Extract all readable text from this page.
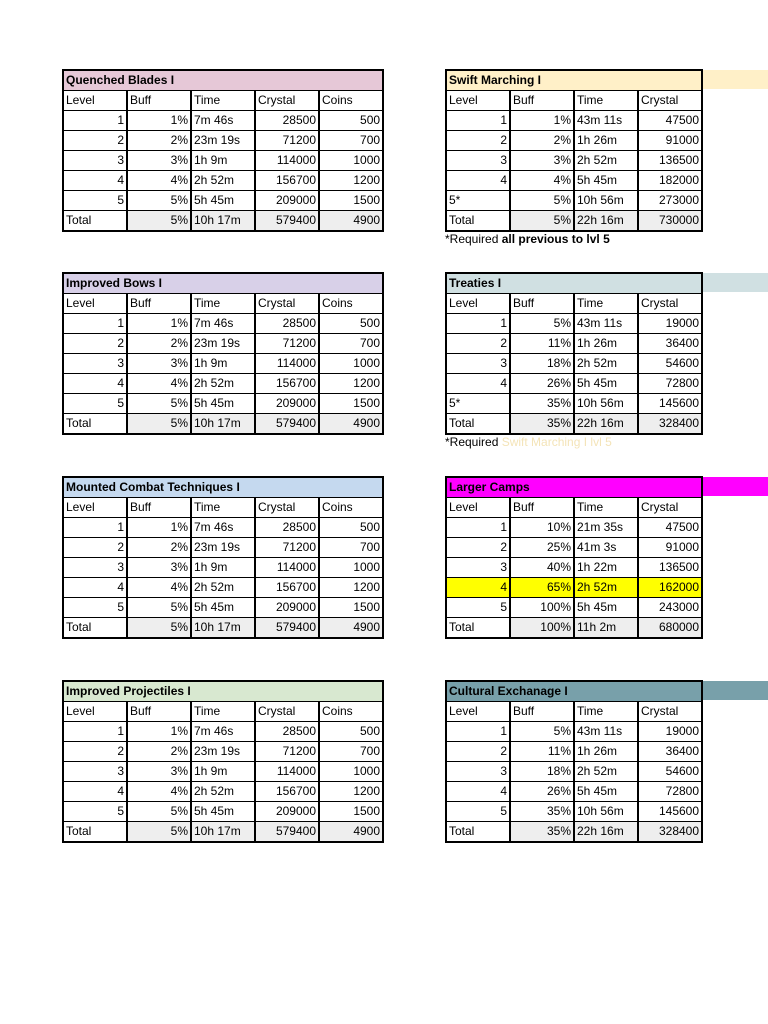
Quenched Blades I				
Level	Buff	Time	Crystal	Coins
1	1%	7m 46s	28500	500
2	2%	23m 19s	71200	700
3	3%	1h 9m	114000	1000
4	4%	2h 52m	156700	1200
5	5%	5h 45m	209000	1500
Total	5%	10h 17m	579400	4900
Improved Bows I				
Level	Buff	Time	Crystal	Coins
1	1%	7m 46s	28500	500
2	2%	23m 19s	71200	700
3	3%	1h 9m	114000	1000
4	4%	2h 52m	156700	1200
5	5%	5h 45m	209000	1500
Total	5%	10h 17m	579400	4900
Mounted Combat Techniques I				
Level	Buff	Time	Crystal	Coins
1	1%	7m 46s	28500	500
2	2%	23m 19s	71200	700
3	3%	1h 9m	114000	1000
4	4%	2h 52m	156700	1200
5	5%	5h 45m	209000	1500
Total	5%	10h 17m	579400	4900
Improved Projectiles I				
Level	Buff	Time	Crystal	Coins
1	1%	7m 46s	28500	500
2	2%	23m 19s	71200	700
3	3%	1h 9m	114000	1000
4	4%	2h 52m	156700	1200
5	5%	5h 45m	209000	1500
Total	5%	10h 17m	579400	4900
Swift Marching I			
Level	Buff	Time	Crystal
1	1%	43m 11s	47500
2	2%	1h 26m	91000
3	3%	2h 52m	136500
4	4%	5h 45m	182000
5*	5%	10h 56m	273000
Total	5%	22h 16m	730000
*Required all previous to lvl 5
Treaties I			
Level	Buff	Time	Crystal
1	5%	43m 11s	19000
2	11%	1h 26m	36400
3	18%	2h 52m	54600
4	26%	5h 45m	72800
5*	35%	10h 56m	145600
Total	35%	22h 16m	328400
*Required Swift Marching I lvl 5
Larger Camps			
Level	Buff	Time	Crystal
1	10%	21m 35s	47500
2	25%	41m 3s	91000
3	40%	1h 22m	136500
4	65%	2h 52m	162000
5	100%	5h 45m	243000
Total	100%	11h 2m	680000
Cultural Exchanage I			
Level	Buff	Time	Crystal
1	5%	43m 11s	19000
2	11%	1h 26m	36400
3	18%	2h 52m	54600
4	26%	5h 45m	72800
5	35%	10h 56m	145600
Total	35%	22h 16m	328400
